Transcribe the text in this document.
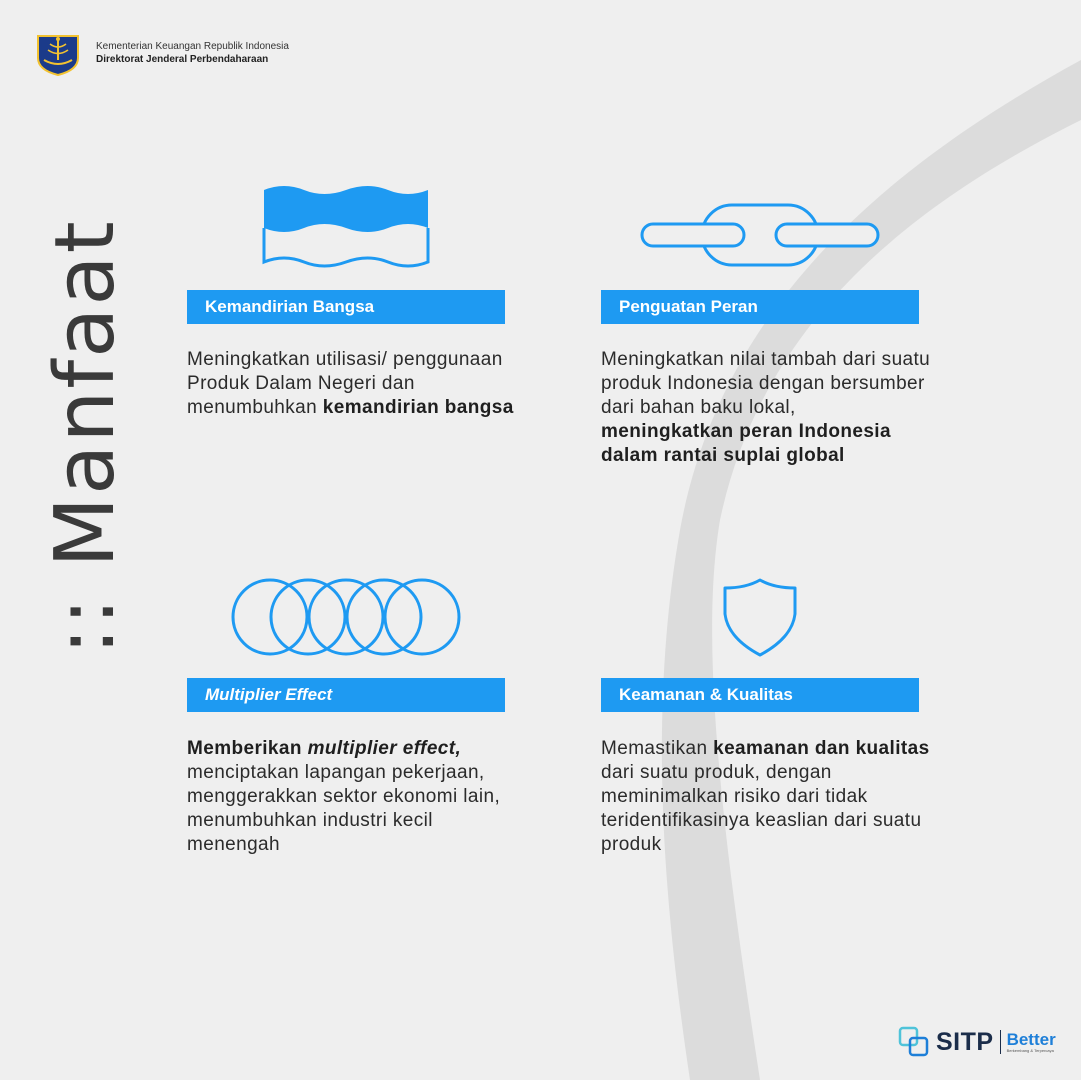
Kementerian Keuangan Republik Indonesia
Direktorat Jenderal Perbendaharaan
:: Manfaat	Kemandirian Bangsa
Meningkatkan utilisasi/ penggunaan Produk Dalam Negeri dan menumbuhkan kemandirian bangsa
Penguatan Peran
Meningkatkan nilai tambah dari suatu produk Indonesia dengan bersumber dari bahan baku lokal, meningkatkan peran Indonesia dalam rantai suplai global
Multiplier Effect
Memberikan multiplier effect, menciptakan lapangan pekerjaan, menggerakkan sektor ekonomi lain, menumbuhkan industri kecil menengah
Keamanan & Kualitas
Memastikan keamanan dan kualitas dari suatu produk, dengan meminimalkan risiko dari tidak teridentifikasinya keaslian dari suatu produk
SITP Better
Berkembang & Terpercaya
